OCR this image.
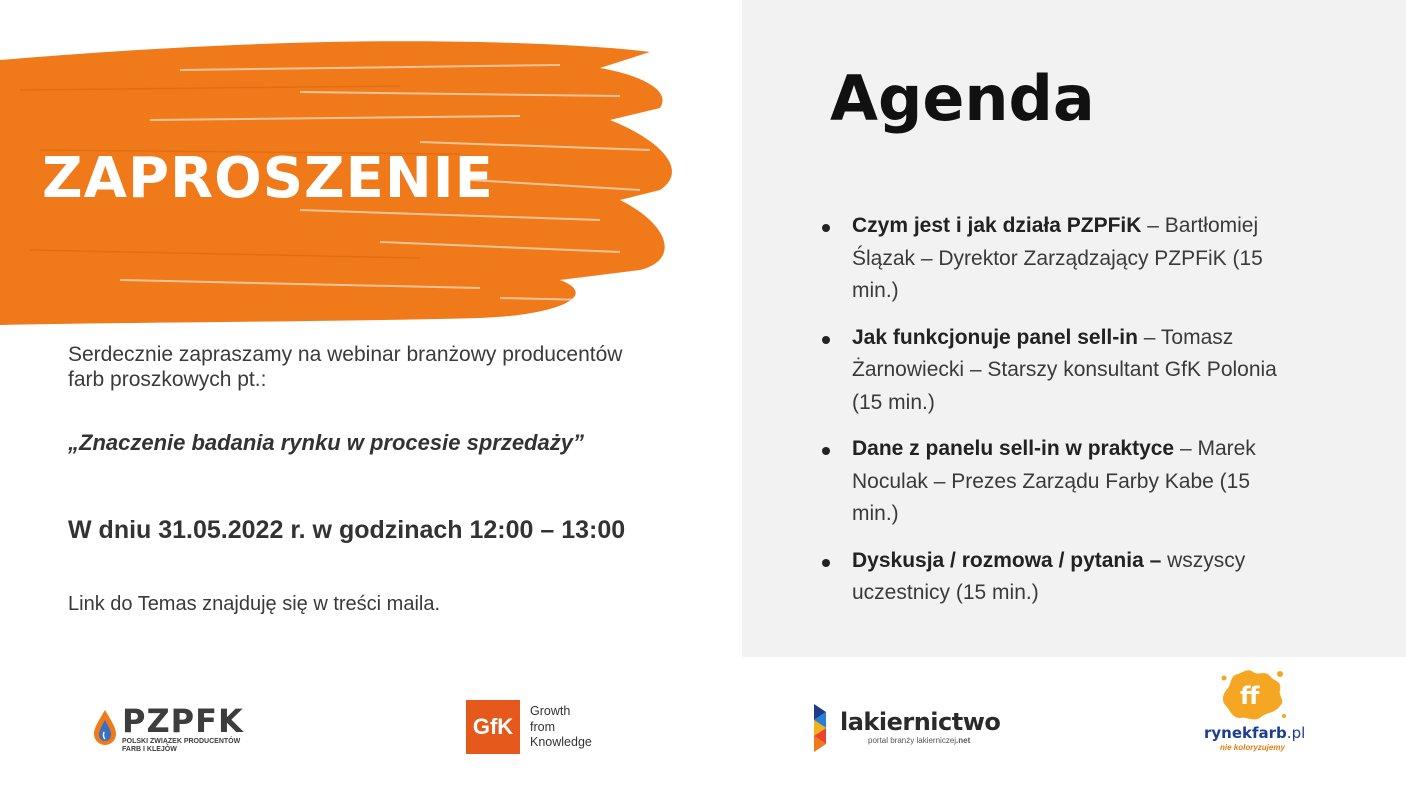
ZAPROSZENIE
Serdecznie zapraszamy na webinar branżowy producentów
farb proszkowych pt.:
„Znaczenie badania rynku w procesie sprzedaży”
W dniu 31.05.2022 r. w godzinach 12:00 – 13:00
Link do Temas znajduję się w treści maila.
Agenda
Czym jest i jak działa PZPFiK – Bartłomiej Ślązak – Dyrektor Zarządzający PZPFiK (15 min.)
Jak funkcjonuje panel sell-in – Tomasz Żarnowiecki – Starszy konsultant GfK Polonia (15 min.)
Dane z panelu sell-in w praktyce – Marek Noculak – Prezes Zarządu Farby Kabe (15 min.)
Dyskusja / rozmowa / pytania – wszyscy uczestnicy (15 min.)
PZPFK
POLSKI ZWIĄZEK PRODUCENTÓW
FARB I KLEJÓW
GfK
Growth
from
Knowledge
lakiernictwo
portal branży lakierniczej.net
ff
rynekfarb.pl
nie koloryzujemy
